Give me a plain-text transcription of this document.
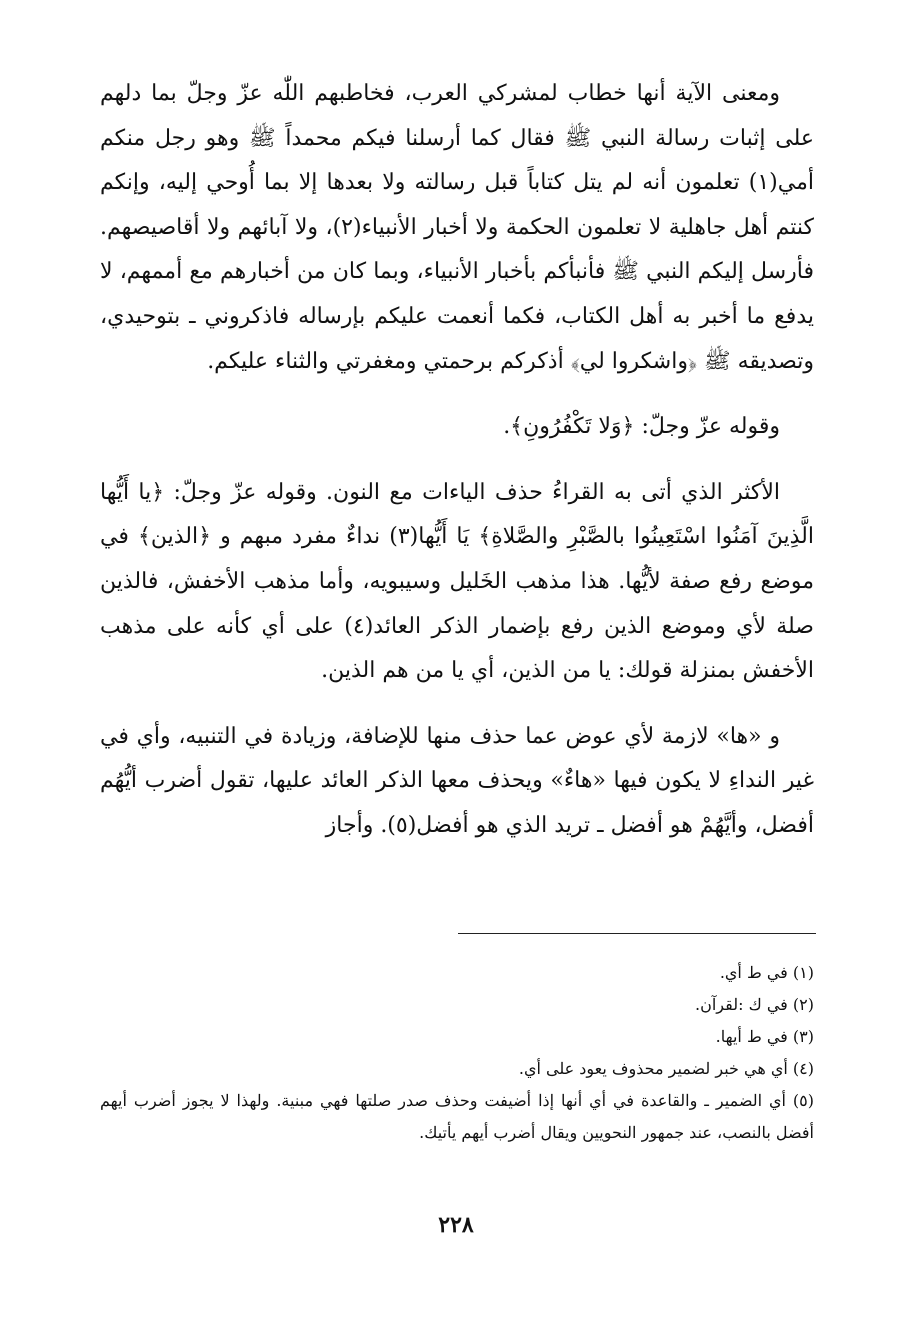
ومعنى الآية أنها خطاب لمشركي العرب، فخاطبهم اللّٰه عزّ وجلّ بما دلهم على إثبات رسالة النبي ﷺ فقال كما أرسلنا فيكم محمداً ﷺ وهو رجل منكم أمي(١) تعلمون أنه لم يتل كتاباً قبل رسالته ولا بعدها إلا بما أُوحي إليه، وإنكم كنتم أهل جاهلية لا تعلمون الحكمة ولا أخبار الأنبياء(٢)، ولا آبائهم ولا أقاصيصهم. فأرسل إليكم النبي ﷺ فأنبأكم بأخبار الأنبياء، وبما كان من أخبارهم مع أممهم، لا يدفع ما أخبر به أهل الكتاب، فكما أنعمت عليكم بإرساله فاذكروني ـ بتوحيدي، وتصديقه ﷺ ﴿واشكروا لي﴾ أذكركم برحمتي ومغفرتي والثناء عليكم.

وقوله عزّ وجلّ: ﴿وَلا تَكْفُرُونِ﴾.

الأكثر الذي أتى به القراءُ حذف الياءات مع النون. وقوله عزّ وجلّ: ﴿يا أَيُّها الَّذِينَ آمَنُوا اسْتَعِينُوا بالصَّبْرِ والصَّلاةِ﴾ يَا أَيُّها(٣) نداءٌ مفرد مبهم و ﴿الذين﴾ في موضع رفع صفة لأيُّها. هذا مذهب الخَليل وسيبويه، وأما مذهب الأخفش، فالذين صلة لأي وموضع الذين رفع بإضمار الذكر العائد(٤) على أي كأنه على مذهب الأخفش بمنزلة قولك: يا من الذين، أي يا من هم الذين.

و «ها» لازمة لأي عوض عما حذف منها للإضافة، وزيادة في التنبيه، وأي في غير النداءِ لا يكون فيها «هاءٌ» ويحذف معها الذكر العائد عليها، تقول أضرب أيُّهُم أفضل، وأيَّهُمْ هو أفضل ـ تريد الذي هو أفضل(٥). وأجاز

(١) في ط أي.

(٢) في ك :لقرآن.

(٣) في ط أيها.

(٤) أي هي خبر لضمير محذوف يعود على أي.

(٥) أي الضمير ـ والقاعدة في أي أنها إذا أضيفت وحذف صدر صلتها فهي مبنية. ولهذا لا يجوز أضرب أيهم أفضل بالنصب، عند جمهور النحويين ويقال أضرب أيهم يأتيك.

٢٢٨
